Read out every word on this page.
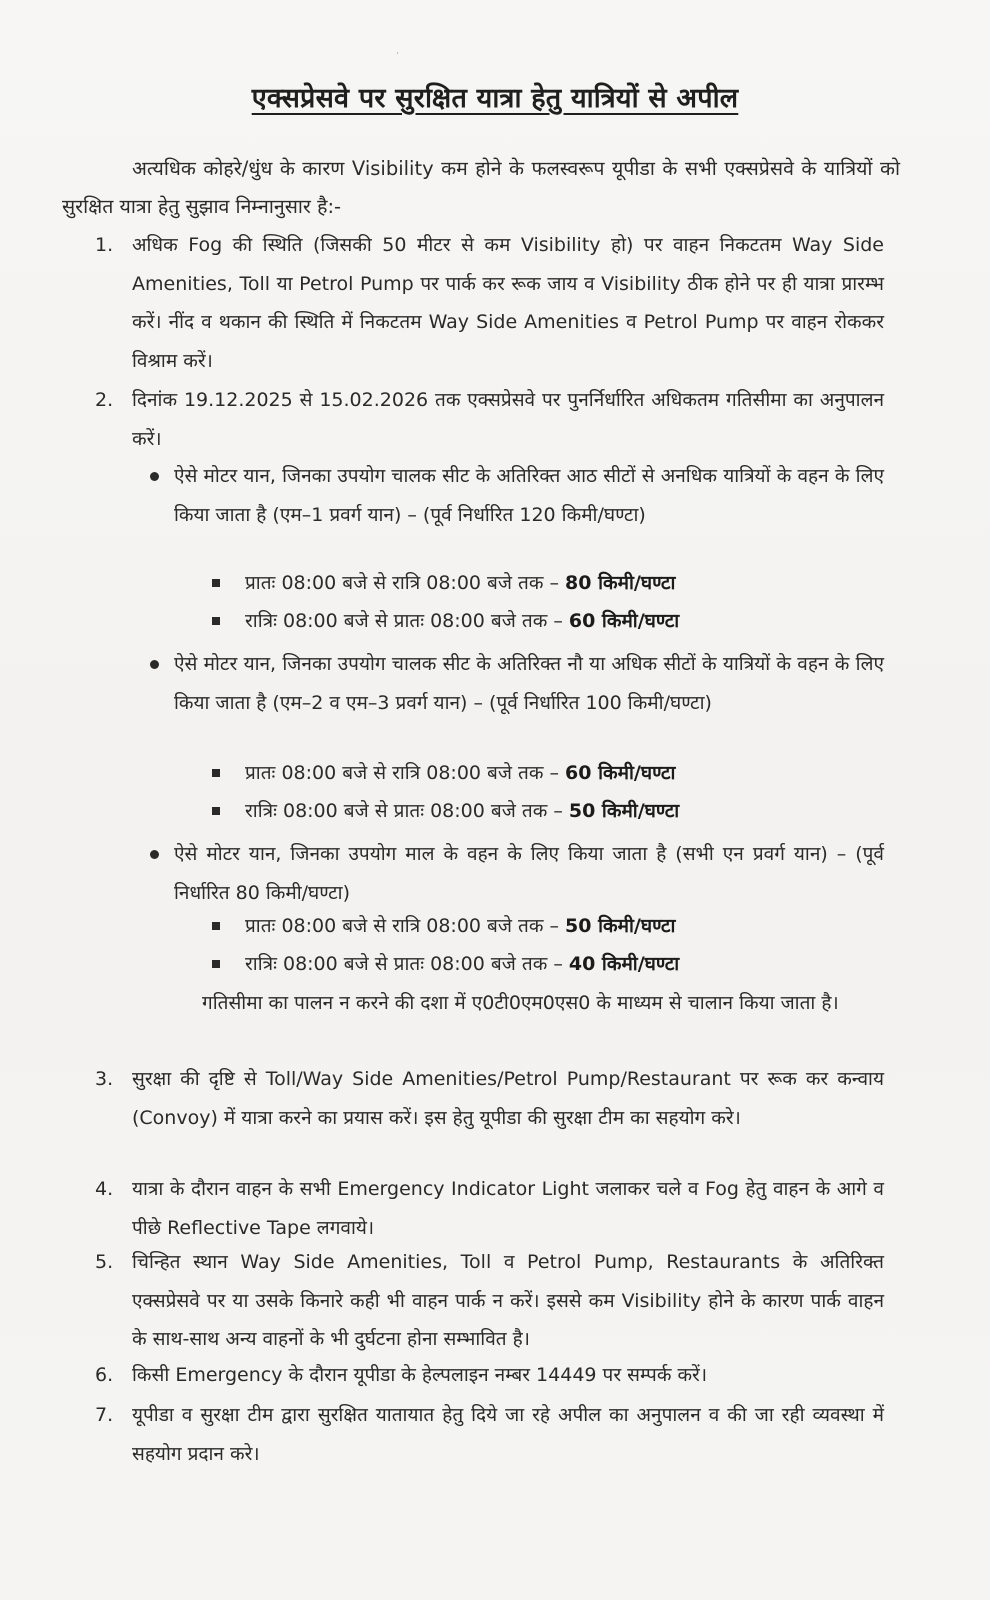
˙
एक्सप्रेसवे पर सुरक्षित यात्रा हेतु यात्रियों से अपील
अत्यधिक कोहरे/धुंध के कारण Visibility कम होने के फलस्वरूप यूपीडा के सभी एक्सप्रेसवे के यात्रियों को सुरक्षित यात्रा हेतु सुझाव निम्नानुसार है:-
1. अधिक Fog की स्थिति (जिसकी 50 मीटर से कम Visibility हो) पर वाहन निकटतम Way Side Amenities, Toll या Petrol Pump पर पार्क कर रूक जाय व Visibility ठीक होने पर ही यात्रा प्रारम्भ करें। नींद व थकान की स्थिति में निकटतम Way Side Amenities व Petrol Pump पर वाहन रोककर विश्राम करें।
2. दिनांक 19.12.2025 से 15.02.2026 तक एक्सप्रेसवे पर पुनर्निर्धारित अधिकतम गतिसीमा का अनुपालन करें।
ऐसे मोटर यान, जिनका उपयोग चालक सीट के अतिरिक्त आठ सीटों से अनधिक यात्रियों के वहन के लिए किया जाता है (एम–1 प्रवर्ग यान) – (पूर्व निर्धारित 120 किमी/घण्टा)
प्रातः 08:00 बजे से रात्रि 08:00 बजे तक – 80 किमी/घण्टा
रात्रिः 08:00 बजे से प्रातः 08:00 बजे तक – 60 किमी/घण्टा
ऐसे मोटर यान, जिनका उपयोग चालक सीट के अतिरिक्त नौ या अधिक सीटों के यात्रियों के वहन के लिए किया जाता है (एम–2 व एम–3 प्रवर्ग यान) – (पूर्व निर्धारित 100 किमी/घण्टा)
प्रातः 08:00 बजे से रात्रि 08:00 बजे तक – 60 किमी/घण्टा
रात्रिः 08:00 बजे से प्रातः 08:00 बजे तक – 50 किमी/घण्टा
ऐसे मोटर यान, जिनका उपयोग माल के वहन के लिए किया जाता है (सभी एन प्रवर्ग यान) – (पूर्व निर्धारित 80 किमी/घण्टा)
प्रातः 08:00 बजे से रात्रि 08:00 बजे तक – 50 किमी/घण्टा
रात्रिः 08:00 बजे से प्रातः 08:00 बजे तक – 40 किमी/घण्टा
गतिसीमा का पालन न करने की दशा में ए0टी0एम0एस0 के माध्यम से चालान किया जाता है।
3. सुरक्षा की दृष्टि से Toll/Way Side Amenities/Petrol Pump/Restaurant पर रूक कर कन्वाय (Convoy) में यात्रा करने का प्रयास करें। इस हेतु यूपीडा की सुरक्षा टीम का सहयोग करे।
4. यात्रा के दौरान वाहन के सभी Emergency Indicator Light जलाकर चले व Fog हेतु वाहन के आगे व पीछे Reflective Tape लगवाये।
5. चिन्हित स्थान Way Side Amenities, Toll व Petrol Pump, Restaurants के अतिरिक्त एक्सप्रेसवे पर या उसके किनारे कही भी वाहन पार्क न करें। इससे कम Visibility होने के कारण पार्क वाहन के साथ-साथ अन्य वाहनों के भी दुर्घटना होना सम्भावित है।
6. किसी Emergency के दौरान यूपीडा के हेल्पलाइन नम्बर 14449 पर सम्पर्क करें।
7. यूपीडा व सुरक्षा टीम द्वारा सुरक्षित यातायात हेतु दिये जा रहे अपील का अनुपालन व की जा रही व्यवस्था में सहयोग प्रदान करे।
